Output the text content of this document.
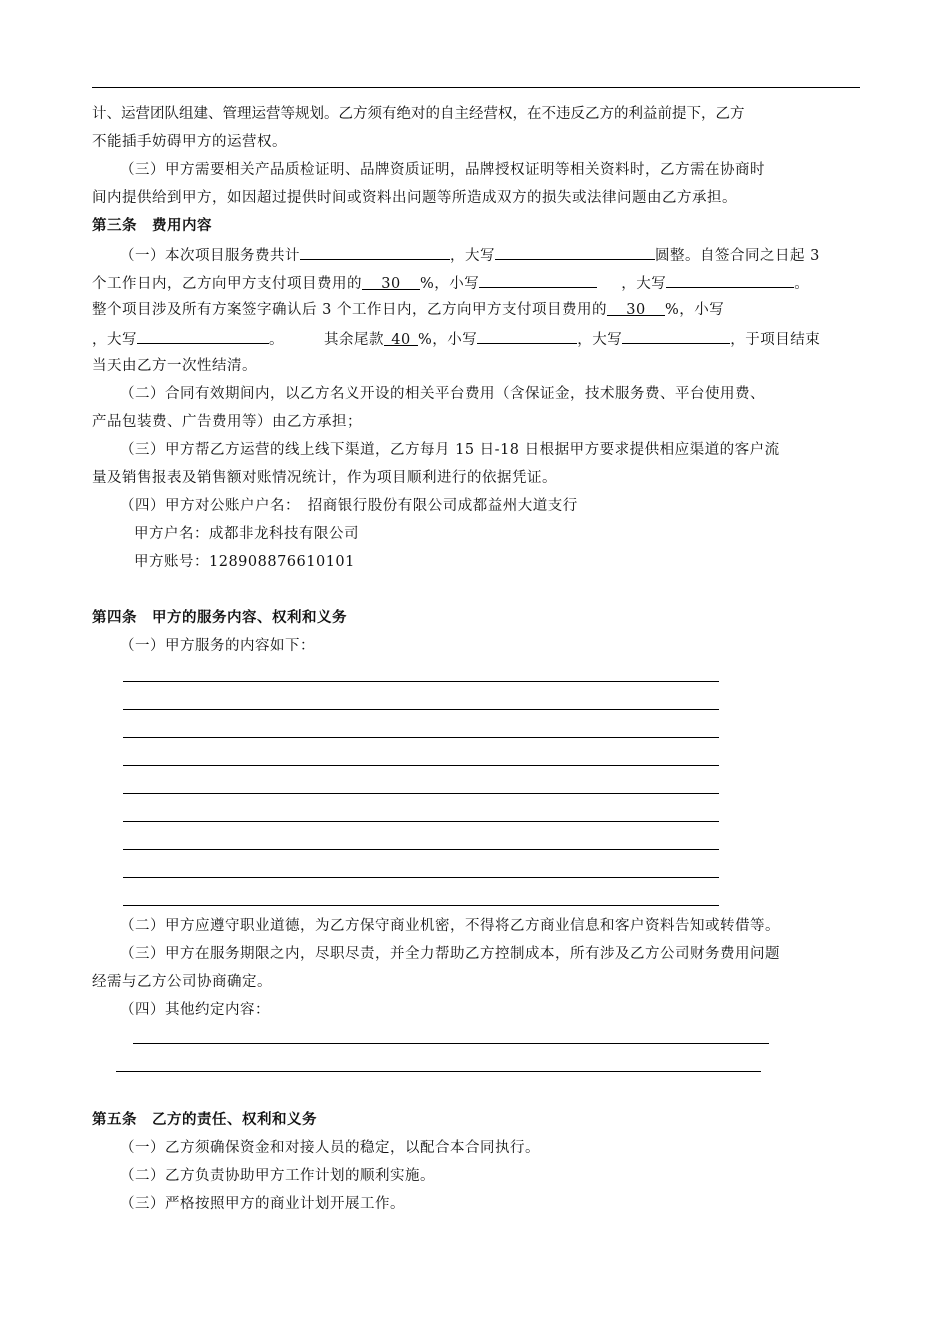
计、运营团队组建、管理运营等规划。乙方须有绝对的自主经营权，在不违反乙方的利益前提下，乙方
不能插手妨碍甲方的运营权。
（三）甲方需要相关产品质检证明、品牌资质证明，品牌授权证明等相关资料时，乙方需在协商时
间内提供给到甲方，如因超过提供时间或资料出问题等所造成双方的损失或法律问题由乙方承担。
第三条　费用内容
（一）本次项目服务费共计	，大写	圆整。自签合同之日起 3
个工作日内，乙方向甲方支付项目费用的 30 %，小写	，大写	。
整个项目涉及所有方案签字确认后 3 个工作日内，乙方向甲方支付项目费用的 30 %，小写
，大写	。	其余尾款 40 %，小写	，大写	，于项目结束
当天由乙方一次性结清。
（二）合同有效期间内，以乙方名义开设的相关平台费用（含保证金，技术服务费、平台使用费、
产品包装费、广告费用等）由乙方承担；
（三）甲方帮乙方运营的线上线下渠道，乙方每月 15 日-18 日根据甲方要求提供相应渠道的客户流
量及销售报表及销售额对账情况统计，作为项目顺利进行的依据凭证。
（四）甲方对公账户户名：　招商银行股份有限公司成都益州大道支行
甲方户名：成都非龙科技有限公司
甲方账号：128908876610101
第四条　甲方的服务内容、权利和义务
（一）甲方服务的内容如下：
（二）甲方应遵守职业道德，为乙方保守商业机密，不得将乙方商业信息和客户资料告知或转借等。
（三）甲方在服务期限之内，尽职尽责，并全力帮助乙方控制成本，所有涉及乙方公司财务费用问题
经需与乙方公司协商确定。
（四）其他约定内容：
第五条　乙方的责任、权利和义务
（一）乙方须确保资金和对接人员的稳定，以配合本合同执行。
（二）乙方负责协助甲方工作计划的顺利实施。
（三）严格按照甲方的商业计划开展工作。
